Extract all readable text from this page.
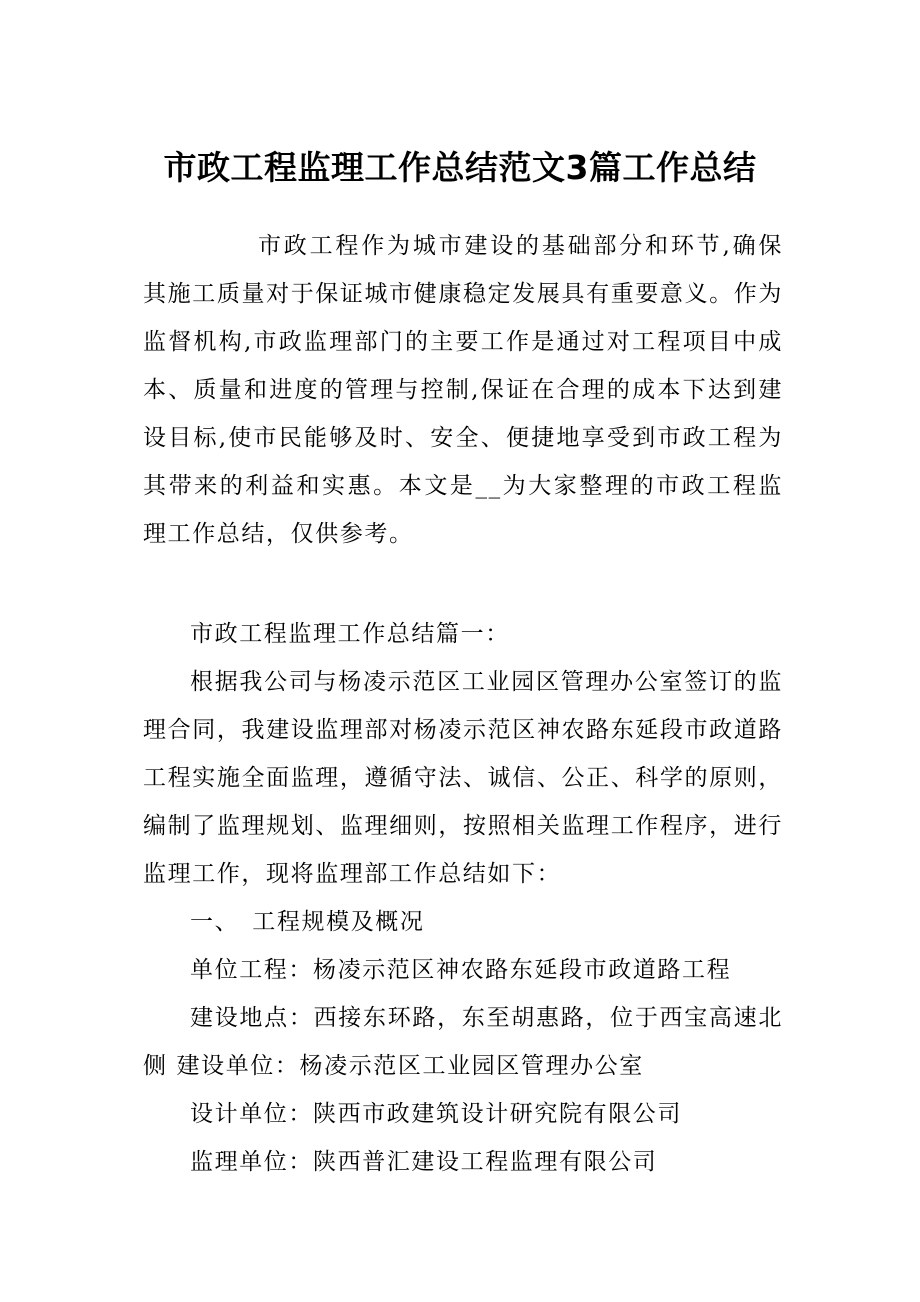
市政工程监理工作总结范文3篇工作总结

市政工程作为城市建设的基础部分和环节,确保其施工质量对于保证城市健康稳定发展具有重要意义。作为监督机构,市政监理部门的主要工作是通过对工程项目中成本、质量和进度的管理与控制,保证在合理的成本下达到建设目标,使市民能够及时、安全、便捷地享受到市政工程为其带来的利益和实惠。本文是__为大家整理的市政工程监理工作总结，仅供参考。

市政工程监理工作总结篇一：

根据我公司与杨凌示范区工业园区管理办公室签订的监理合同，我建设监理部对杨凌示范区神农路东延段市政道路工程实施全面监理，遵循守法、诚信、公正、科学的原则，编制了监理规划、监理细则，按照相关监理工作程序，进行监理工作，现将监理部工作总结如下：

一、　工程规模及概况

单位工程：杨凌示范区神农路东延段市政道路工程

建设地点：西接东环路，东至胡惠路，位于西宝高速北侧 建设单位：杨凌示范区工业园区管理办公室

设计单位：陕西市政建筑设计研究院有限公司

监理单位：陕西普汇建设工程监理有限公司
